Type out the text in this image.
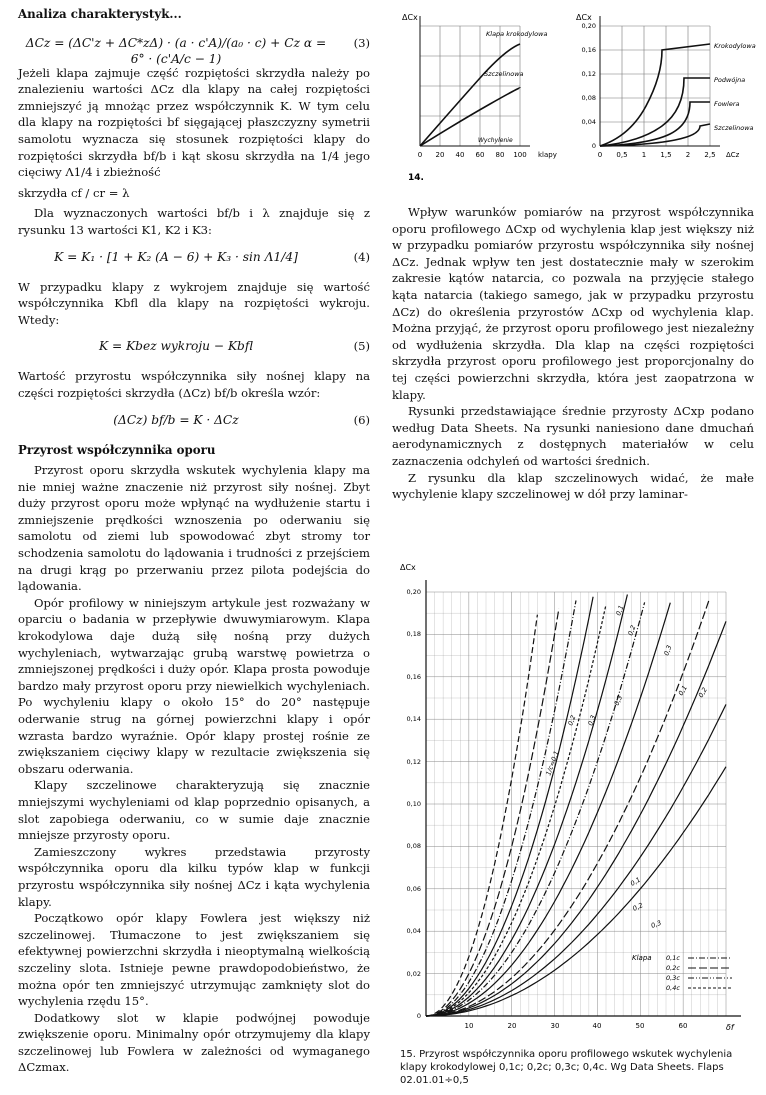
Analiza charakterystyk...
ΔCz = (ΔC'z + ΔC*zΔ) · (a · c'A)/(a₀ · c) + Cz α = 6° · (c'A/c − 1)
(3)

Jeżeli klapa zajmuje część rozpiętości skrzydła należy po znalezieniu wartości ΔCz dla klapy na całej rozpiętości zmniejszyć ją mnożąc przez współczynnik K. W tym celu dla klapy na rozpiętości bf sięgającej płaszczyzny symetrii samolotu wyznacza się stosunek rozpiętości klapy do rozpiętości skrzydła bf/b i kąt skosu skrzydła na 1/4 jego cięciwy Λ1/4 i zbieżność

skrzydła cf / cr = λ

Dla wyznaczonych wartości bf/b i λ znajduje się z rysunku 13 wartości K1, K2 i K3:

K = K₁ · [1 + K₂ (A − 6) + K₃ · sin Λ1/4]	(4)

W przypadku klapy z wykrojem znajduje się wartość współczynnika Kbfl dla klapy na rozpiętości wykroju. Wtedy:

K = Kbez wykroju − Kbfl	(5)

Wartość przyrostu współczynnika siły nośnej klapy na części rozpiętości skrzydła (ΔCz) bf/b określa wzór:

(ΔCz) bf/b = K · ΔCz	(6)
Przyrost współczynnika oporu

Przyrost oporu skrzydła wskutek wychylenia klapy ma nie mniej ważne znaczenie niż przyrost siły nośnej. Zbyt duży przyrost oporu może wpłynąć na wydłużenie startu i zmniejszenie prędkości wznoszenia po oderwaniu się samolotu od ziemi lub spowodować zbyt stromy tor schodzenia samolotu do lądowania i trudności z przejściem na drugi krąg po przerwaniu przez pilota podejścia do lądowania.

Opór profilowy w niniejszym artykule jest rozważany w oparciu o badania w przepływie dwuwymiarowym. Klapa krokodylowa daje dużą siłę nośną przy dużych wychyleniach, wytwarzając grubą warstwę powietrza o zmniejszonej prędkości i duży opór. Klapa prosta powoduje bardzo mały przyrost oporu przy niewielkich wychyleniach. Po wychyleniu klapy o około 15° do 20° następuje oderwanie strug na górnej powierzchni klapy i opór wzrasta bardzo wyraźnie. Opór klapy prostej rośnie ze zwiększaniem cięciwy klapy w rezultacie zwiększenia się obszaru oderwania.

Klapy szczelinowe charakteryzują się znacznie mniejszymi wychyleniami od klap poprzednio opisanych, a slot zapobiega oderwaniu, co w sumie daje znacznie mniejsze przyrosty oporu.

Zamieszczony wykres przedstawia przyrosty współczynnika oporu dla kilku typów klap w funkcji przyrostu współczynnika siły nośnej ΔCz i kąta wychylenia klapy.

Początkowo opór klapy Fowlera jest większy niż szczelinowej. Tłumaczone to jest zwiększaniem się efektywnej powierzchni skrzydła i nieoptymalną wielkością szczeliny slota. Istnieje pewne prawdopodobieństwo, że można opór ten zmniejszyć utrzymując zamknięty slot do wychylenia rzędu 15°.

Dodatkowy slot w klapie podwójnej powoduje zwiększenie oporu. Minimalny opór otrzymujemy dla klapy szczelinowej lub Fowlera w zależności od wymaganego ΔCzmax.

ΔCx
Klapa krokodylowa
Szczelinowa
Wychylenie
0 20 40 60 80 100 klapy
ΔCx
Krokodylowa
Podwójna
Fowlera
Szczelinowa
0
0,04
0,08
0,12
0,16
0,20
0 0,5 1 1,5 2 2,5 ΔCz
14.

Wpływ warunków pomiarów na przyrost współczynnika oporu profilowego ΔCxp od wychylenia klap jest większy niż w przypadku pomiarów przyrostu współczynnika siły nośnej ΔCz. Jednak wpływ ten jest dostatecznie mały w szerokim zakresie kątów natarcia, co pozwala na przyjęcie stałego kąta natarcia (takiego samego, jak w przypadku przyrostu ΔCz) do określenia przyrostów ΔCxp od wychylenia klap. Można przyjąć, że przyrost oporu profilowego jest niezależny od wydłużenia skrzydła. Dla klap na części rozpiętości skrzydła przyrost oporu profilowego jest proporcjonalny do tej części powierzchni skrzydła, która jest zaopatrzona w klapy.

Rysunki przedstawiające średnie przyrosty ΔCxp podano według Data Sheets. Na rysunki naniesiono dane dmuchań aerodynamicznych z dostępnych materiałów w celu zaznaczenia odchyleń od wartości średnich.

Z rysunku dla klap szczelinowych widać, że małe wychylenie klapy szczelinowej w dół przy laminar-

ΔCx
0,1
0,2
0,3
0,1 0,2
0,3
0,1
0,2
0,3
1/c=0,1
0,2 0,3
0
0,02
0,04
0,06
0,08
0,10
0,12
0,14
0,16
0,18
0,20
10	20	30	40	50	60	δf
Klapa 0,1c
0,2c
0,3c
0,4c
15. Przyrost współczynnika oporu profilowego wskutek wychylenia klapy krokodylowej 0,1c; 0,2c; 0,3c; 0,4c. Wg Data Sheets. Flaps 02.01.01÷0,5
